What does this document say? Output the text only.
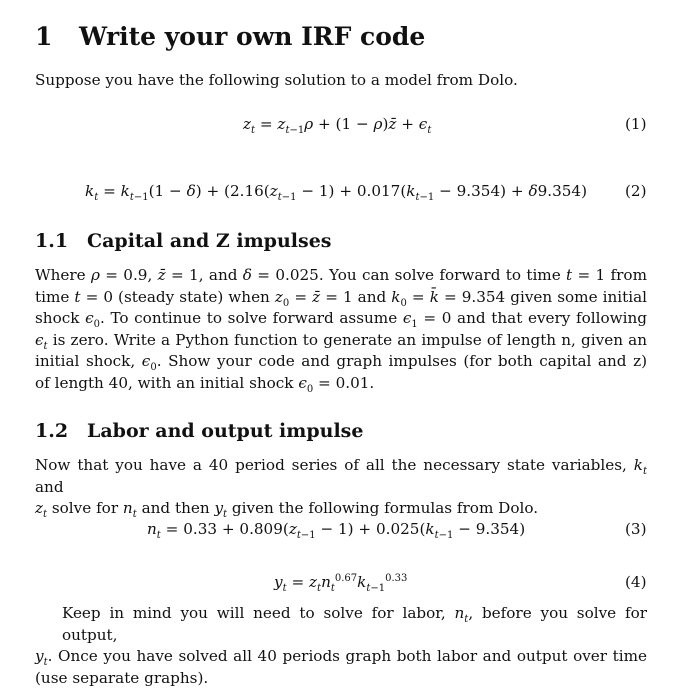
1 Write your own IRF code
Suppose you have the following solution to a model from Dolo.
$z_t = z_{t-1}\rho + (1$ − ρ)z̄ + $\epsilon_t$	(1)
$k_t = k_{t-1}(1 - \delta) + (2.16(z_{t-1} - 1) + 0.017(k_{t-1} - 9.354) + \delta 9.354)$	(2)
1.1 Capital and Z impulses
Where ρ = 0.9, z̄ = 1, and δ = 0.025. You can solve forward to time t = 1 from
time t = 0 (steady state) when $z_0$ = z̄ = 1 and $k_0$ = k̄ = 9.354 given some initial
shock $\epsilon_0$. To continue to solve forward assume $\epsilon_1 = 0$ and that every following
$\epsilon_t$ is zero. Write a Python function to generate an impulse of length n, given an
initial shock, $\epsilon_0$. Show your code and graph impulses (for both capital and z)
of length 40, with an initial shock $\epsilon_0 = 0.01$.
1.2 Labor and output impulse
Now that you have a 40 period series of all the necessary state variables, $k_t$ and
$z_t$ solve for $n_t$ and then $y_t$ given the following formulas from Dolo.
$n_t = 0.33 + 0.809(z_{t-1} - 1) + 0.025(k_{t-1} - 9.354)$	(3)
$y_t = z_tn_t^{0.67}k_{t-1}^{0.33}$	(4)
Keep in mind you will need to solve for labor, $n_t$, before you solve for output,
$y_t$. Once you have solved all 40 periods graph both labor and output over time
(use separate graphs).
